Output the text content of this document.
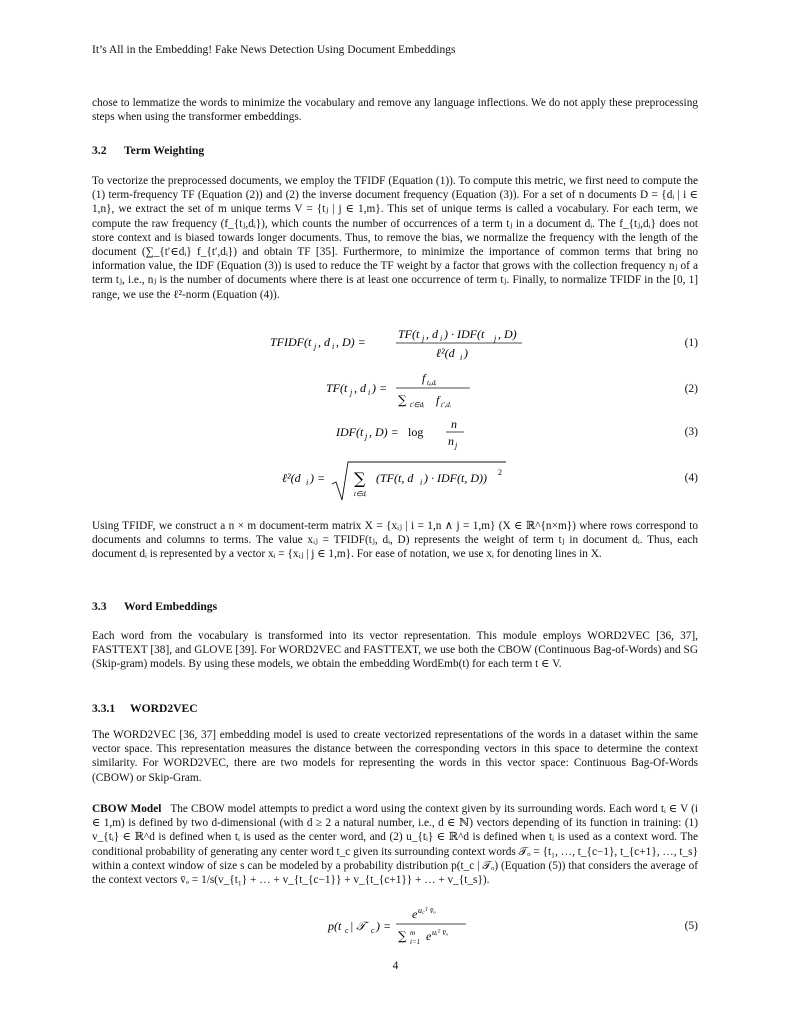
It’s All in the Embedding! Fake News Detection Using Document Embeddings
chose to lemmatize the words to minimize the vocabulary and remove any language inflections. We do not apply these preprocessing steps when using the transformer embeddings.
3.2 Term Weighting
To vectorize the preprocessed documents, we employ the TFIDF (Equation (1)). To compute this metric, we first need to compute the (1) term-frequency TF (Equation (2)) and (2) the inverse document frequency (Equation (3)). For a set of n documents D = {dᵢ | i ∈ 1,n}, we extract the set of m unique terms V = {tⱼ | j ∈ 1,m}. This set of unique terms is called a vocabulary. For each term, we compute the raw frequency (f_{tⱼ,dᵢ}), which counts the number of occurrences of a term tⱼ in a document dᵢ. The f_{tⱼ,dᵢ} does not store context and is biased towards longer documents. Thus, to remove the bias, we normalize the frequency with the length of the document (∑_{t′∈dᵢ} f_{t′,dᵢ}) and obtain TF [35]. Furthermore, to minimize the importance of common terms that bring no information value, the IDF (Equation (3)) is used to reduce the TF weight by a factor that grows with the collection frequency nⱼ of a term tⱼ, i.e., nⱼ is the number of documents where there is at least one occurrence of term tⱼ. Finally, to normalize TFIDF in the [0, 1] range, we use the ℓ²-norm (Equation (4)).
TFIDF(t j , d i , D) =
TF(t j , d i ) · IDF(t j , D)
ℓ²(d i )
(1)
TF(t j , d i ) =
f tⱼ,dᵢ
∑ t′∈dᵢ f t′,dᵢ
(2)
IDF(t j , D) = log
n
n j
(3)
ℓ²(d i ) = ∑
t∈dᵢ
(TF(t, d i ) · IDF(t, D)) 2	(4)
Using TFIDF, we construct a n × m document-term matrix X = {xᵢⱼ | i = 1,n ∧ j = 1,m} (X ∈ ℝ^{n×m}) where rows correspond to documents and columns to terms. The value xᵢⱼ = TFIDF(tⱼ, dᵢ, D) represents the weight of term tⱼ in document dᵢ. Thus, each document dᵢ is represented by a vector xᵢ = {xᵢⱼ | j ∈ 1,m}. For ease of notation, we use xᵢ for denoting lines in X.
3.3 Word Embeddings
Each word from the vocabulary is transformed into its vector representation. This module employs WORD2VEC [36, 37], FASTTEXT [38], and GLOVE [39]. For WORD2VEC and FASTTEXT, we use both the CBOW (Continuous Bag-of-Words) and SG (Skip-gram) models. By using these models, we obtain the embedding WordEmb(t) for each term t ∈ V.
3.3.1 WORD2VEC
The WORD2VEC [36, 37] embedding model is used to create vectorized representations of the words in a dataset within the same vector space. This representation measures the distance between the corresponding vectors in this space to determine the context similarity. For WORD2VEC, there are two models for representing the words in this vector space: Continuous Bag-Of-Words (CBOW) or Skip-Gram.
CBOW Model The CBOW model attempts to predict a word using the context given by its surrounding words. Each word tᵢ ∈ V (i ∈ 1,m) is defined by two d-dimensional (with d ≥ 2 a natural number, i.e., d ∈ ℕ) vectors depending of its function in training: (1) v_{tᵢ} ∈ ℝ^d is defined when tᵢ is used as the center word, and (2) u_{tᵢ} ∈ ℝ^d is defined when tᵢ is used as a context word. The conditional probability of generating any center word t_c given its surrounding context words 𝒯ₒ = {t₁, …, t_{c−1}, t_{c+1}, …, t_s} within a context window of size s can be modeled by a probability distribution p(t_c | 𝒯ₒ) (Equation (5)) that considers the average of the context vectors v̄ₒ = 1/s(v_{t₁} + … + v_{t_{c−1}} + v_{t_{c+1}} + … + v_{t_s}).
p(t c | 𝒯 c ) =
e u꜀ᵀ v̄ₒ
∑ m
i=1 e uᵢᵀ v̄ₒ
(5)
4
